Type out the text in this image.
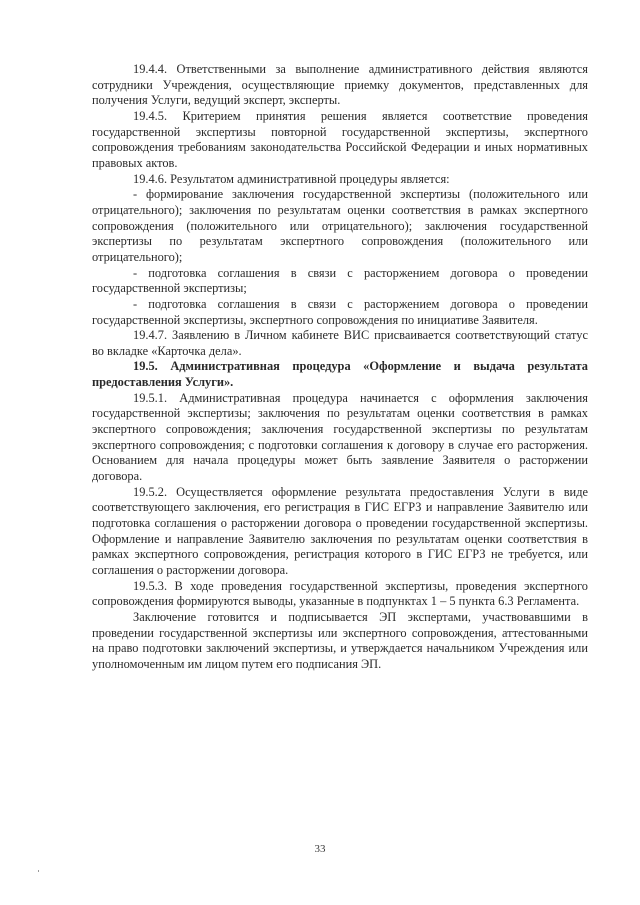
19.4.4. Ответственными за выполнение административного действия являются сотрудники Учреждения, осуществляющие приемку документов, представленных для получения Услуги, ведущий эксперт, эксперты.

19.4.5. Критерием принятия решения является соответствие проведения государственной экспертизы повторной государственной экспертизы, экспертного сопровождения требованиям законодательства Российской Федерации и иных нормативных правовых актов.

19.4.6. Результатом административной процедуры является:

- формирование заключения государственной экспертизы (положительного или отрицательного); заключения по результатам оценки соответствия в рамках экспертного сопровождения (положительного или отрицательного); заключения государственной экспертизы по результатам экспертного сопровождения (положительного или отрицательного);

- подготовка соглашения в связи с расторжением договора о проведении государственной экспертизы;

- подготовка соглашения в связи с расторжением договора о проведении государственной экспертизы, экспертного сопровождения по инициативе Заявителя.

19.4.7. Заявлению в Личном кабинете ВИС присваивается соответствующий статус во вкладке «Карточка дела».

19.5. Административная процедура «Оформление и выдача результата предоставления Услуги».

19.5.1. Административная процедура начинается с оформления заключения государственной экспертизы; заключения по результатам оценки соответствия в рамках экспертного сопровождения; заключения государственной экспертизы по результатам экспертного сопровождения; с подготовки соглашения к договору в случае его расторжения. Основанием для начала процедуры может быть заявление Заявителя о расторжении договора.

19.5.2. Осуществляется оформление результата предоставления Услуги в виде соответствующего заключения, его регистрация в ГИС ЕГРЗ и направление Заявителю или подготовка соглашения о расторжении договора о проведении государственной экспертизы. Оформление и направление Заявителю заключения по результатам оценки соответствия в рамках экспертного сопровождения, регистрация которого в ГИС ЕГРЗ не требуется, или соглашения о расторжении договора.

19.5.3. В ходе проведения государственной экспертизы, проведения экспертного сопровождения формируются выводы, указанные в подпунктах 1 – 5 пункта 6.3 Регламента.

Заключение готовится и подписывается ЭП экспертами, участвовавшими в проведении государственной экспертизы или экспертного сопровождения, аттестованными на право подготовки заключений экспертизы, и утверждается начальником Учреждения или уполномоченным им лицом путем его подписания ЭП.

33
